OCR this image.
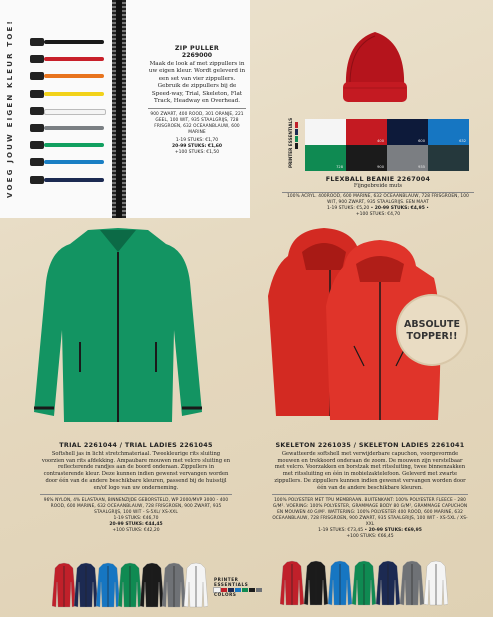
VOEG JOUW EIGEN KLEUR TOE!	ZIP PULLER
2269000
Maak de look af met zippullers in uw eigen kleur. Wordt geleverd in een set van vier zippullers. Gebruik de zippullers bij de Speed-way, Trial, Skeleton, Flat Track, Headway en Overhead.
900 ZWART, 400 ROOD, 301 ORANJE, 221 GEEL, 100 WIT, 935 STAALGRIJS, 728 FRISGROEN, 632 OCEAANBLAUW, 600 MARINE
1-19 STUKS: €1,70
20-99 STUKS: €1,60
+100 STUKS: €1,50	PRINTER ESSENTIALS	400	600	632
728	900	935
FLEXBALL BEANIE 2267004
Fijngebreide muts
100% ACRYL. 400ROOD, 600 MARINE, 632 OCEAANBLAUW, 728 FRISGROEN, 100 WIT, 900 ZWART, 935 STAALGRIJS. EEN MAAT
1-19 STUKS: €5,20 • 20-99 STUKS: €4,95 •
+100 STUKS: €4,70
ABSOLUTE
TOPPER!!
TRIAL 2261044 / TRIAL LADIES 2261045
Softshell jas in licht stretchmateriaal. Tweekleurige rits sluiting voorzien van rits afdekking. Ampaubare mouwen met velcro sluiting en reflecterende randjes aan de boord onderaan. Zippullers in contrasterende kleur. Deze kunnen indien gewenst vervangen worden door één van de andere beschikbare kleuren, passend bij de huisstijl en/of logo van uw onderneming.
96% NYLON, 4% ELASTAAN, BINNENZIJDE GEBORSTELD, WP 2000/MVP 3000 - 400 ROOD, 600 MARINE, 632 OCEAANBLAUW, 728 FRISGROEN, 900 ZWART, 935 STAALGRIJS, 100 WIT - S-5XL/ XS-XXL
1-19 STUKS: €46,70
20-99 STUKS: €44,45
+100 STUKS: €42,20
SKELETON 2261035 / SKELETON LADIES 2261041
Gewatteerde softshell met verwijderbare capuchon, voorgevormde mouwen en trekkoord onderaan de zoom. De mouwen zijn verstelbaar met velcro. Voorzakken en borstzak met ritssluiting, twee binnenzakken met ritssluiting en één in mobielzaktelefoon. Geleverd met zwarte zippullers. De zippullers kunnen indien gewenst vervangen worden door één van de andere beschikbare kleuren.
100% POLYESTER MET TPU MEMBRAAN. BUITENKANT: 100% POLYESTER FLEECE - 280 G/M². VOERING: 100% POLYESTER, GRAMMAGE BODY 80 G/M², GRAMMAGE CAPUCHON EN MOUWEN 40 G/M². WATTERING: 100% POLYESTER 400 ROOD, 600 MARINE, 632 OCEAANBLAUW, 728 FRISGROEN, 900 ZWART, 935 STAALGRIJS, 100 WIT - XS-5XL / XS-XXL
1-19 STUKS: €73,45 • 20-99 STUKS: €69,95
+100 STUKS: €66,45
PRINTER ESSENTIALS
COLORS
